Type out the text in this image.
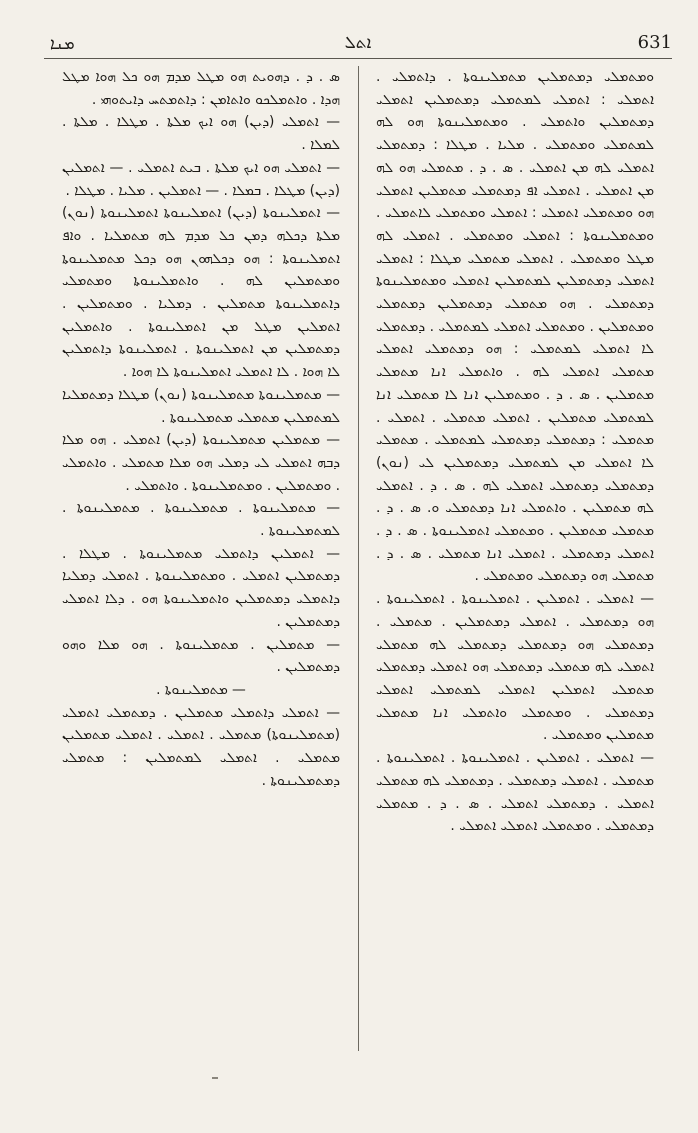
ܡܢܐ	ܐܬܠ	631

ܣ . ܕ . ܕܗܘܝܬ ܗܘ ܡܛܠ ܡܕܡ ܗܘ ܟܠ ܗܘܐ ܡܛܠ ܗܕܐ . ܘܐܬܡܠܟܘ ܘܐܬܐܡܢ : ܕܐܬܡܬܚ ܕܐܝܬܘܗܝ .

— ܐܬܡܠܝ (ܕܝܢ) ܗܘ ܐܝܟ ܡܠܬܐ . ܡܛܠܐ . ܡܠܬܐ . ܠܡܠܐ .

— ܐܬܡܠܝ ܗܘ ܐܝܟ ܡܠܬܐ . ܒܝܬ ܐܬܡܠܝ . — ܐܬܡܠܝܢ (ܕܝܢ) ܡܛܠܐ . ܒܡܠܐ . — ܐܬܡܠܝܢ . ܡܠܝܐ . ܡܛܠܐ .

— ܐܬܡܠܝܢܘܬܐ (ܕܝܢ) ܐܬܡܠܝܢܘܬܐ ܐܬܡܠܝܢܘܬܐ (ܢܘܢ) ܡܠܬܐ ܕܟܠܗ ܕܡܢ ܟܠ ܡܕܡ ܠܗ ܡܬܡܠܝܐ . ܘܐܦ ܐܬܡܠܝܢܘܬܐ : ܗܘ ܕܟܠܗܘܢ ܗܘ ܕܟܠ ܡܬܡܠܝܢܘܬܐ ܘܡܬܡܠܝܢ ܠܗ . ܘܐܬܡܠܝܢܘܬܐ ܘܡܬܡܠܝ ܕܐܬܡܠܝܢܘܬܐ ܡܬܡܠܝܢ . ܕܡܠܝܐ . ܘܡܬܡܠܝܢ . ܐܬܡܠܝܢ ܡܛܠ ܡܢ ܐܬܡܠܝܢܘܬܐ . ܘܐܬܡܠܝܢ ܕܡܬܡܠܝܢ ܡܢ ܐܬܡܠܝܢܘܬܐ . ܐܬܡܠܝܢܘܬܐ ܕܐܬܡܠܝܢ ܠܐ ܗܘܐ . ܠܐ ܐܬܡܠܝ ܐܬܡܠܝܢܘܬܐ ܠܐ ܗܘܐ .

— ܡܬܡܠܝܢܘܬܐ ܡܬܡܠܝܢܘܬܐ (ܢܘܢ) ܡܛܠܐ ܕܡܬܡܠܝܐ ܠܡܬܡܠܝܢ ܡܬܡܠܝ ܡܬܡܠܝܢܘܬܐ .

— ܡܬܡܠܝܢ ܡܬܡܠܝܢܘܬܐ (ܕܝܢ) ܐܬܡܠܝ . ܗܘ ܡܠܐ ܕܒܗ ܐܬܡܠܝ ܠܝ ܕܡܠܝ ܗܘ ܡܠܐ ܡܬܡܠܝ . ܘܐܬܡܠܝ . ܘܡܬܡܠܝܢ . ܘܡܬܡܠܝܢܘܬܐ . ܘܐܬܡܠܝ .

— ܡܬܡܠܝܢܘܬܐ . ܡܬܡܠܝܢܘܬܐ . ܡܬܡܠܝܢܘܬܐ . ܠܡܬܡܠܝܢܘܬܐ .

— ܐܬܡܠܝܢ ܕܐܬܡܠܝ ܡܬܡܠܝܢܘܬܐ . ܡܛܠܐ . ܕܡܬܡܠܝܢ ܐܬܡܠܝ . ܘܡܬܡܠܝܢܘܬܐ . ܐܬܡܠܝ ܕܡܠܝܐ ܕܐܬܡܠܝ ܕܡܬܡܠܝܢ ܘܐܬܡܠܝܢܘܬܐ ܗܘ . ܕܠܐ ܐܬܡܠܝ ܕܡܬܡܠܝܢ .

— ܡܬܡܠܝܢ . ܡܬܡܠܝܢܘܬܐ . ܗܘ ܡܠܐ ܘܗܘ ܕܡܬܡܠܝܢ .

— ܡܬܡܠܝܢܘܬܐ .

— ܐܬܡܠܝ ܕܐܬܡܠܝ ܡܬܡܠܝܢ . ܕܡܬܡܠܝ ܐܬܡܠܝ (ܡܬܡܠܝܢܘܬܐ) ܡܬܡܠܝ . ܐܬܡܠܝ . ܐܬܡܠܝ ܡܬܡܠܝܢ ܡܬܡܠܝ . ܐܬܡܠܝ ܠܡܬܡܠܝܢ : ܡܬܡܠܝ ܕܡܬܡܠܝܢܘܬܐ .

ܘܡܬܡܠܝ ܕܡܬܡܠܝܢ ܡܬܡܠܝܢܘܬܐ . ܕܐܬܡܠܝ . ܐܬܡܠܝ : ܐܬܡܠܝ ܠܡܬܡܠܝ ܕܡܬܡܠܝܢ ܐܬܡܠܝ ܕܡܬܡܠܝܢ ܘܐܬܡܠܝ . ܘܡܬܡܠܝܢܘܬܐ ܗܘ ܠܗ ܠܡܬܡܠܝ ܘܡܬܡܠܝ . ܡܠܝܐ . ܡܛܠܐ : ܕܡܬܡܠܝ ܐܬܡܠܝ ܠܗ ܡܢ ܐܬܡܠܝ . ܣ . ܕ . ܡܬܡܠܝ ܗܘ ܠܗ ܡܢ ܐܬܡܠܝ . ܐܬܡܠܝ ܐܦ ܕܡܬܡܠܝ ܡܬܡܠܝܢ ܐܬܡܠܝ ܗܘ ܘܡܬܡܠܝ ܐܬܡܠܝ : ܐܬܡܠܝ ܘܡܬܡܠܝ ܠܐܬܡܠܝ . ܘܡܬܡܠܝܢܘܬܐ : ܐܬܡܠܝ ܘܡܬܡܠܝ . ܐܬܡܠܝ ܠܗ ܡܛܠ ܘܡܬܡܠܝ . ܐܬܡܠܝ ܡܬܡܠܝ ܡܛܠܐ : ܐܬܡܠܝ ܐܬܡܠܝ ܕܡܬܡܠܝܢ ܠܡܬܡܠܝܢ ܐܬܡܠܝ ܘܡܬܡܠܝܢܘܬܐ ܕܡܬܡܠܝ . ܗܘ ܡܬܡܠܝ ܕܡܬܡܠܝܢ ܕܡܬܡܠܝ ܘܡܬܡܠܝܢ . ܘܡܬܡܠܝ ܐܬܡܠܝ ܠܡܬܡܠܝ . ܕܡܬܡܠܝ ܠܐ ܐܬܡܠܝ ܠܡܬܡܠܝ : ܗܘ ܕܡܬܡܠܝ ܐܬܡܠܝ ܡܬܡܠܝ ܐܬܡܠܝ ܠܗ . ܘܐܬܡܠܝ ܐܢܐ ܡܬܡܠܝ ܡܬܡܠܝܢ . ܣ . ܕ . ܘܡܬܡܠܝܢ ܐܢܐ ܠܐ ܡܬܡܠܝ ܐܢܐ ܠܡܬܡܠܝ ܡܬܡܠܝܢ . ܐܬܡܠܝ ܡܬܡܠܝ . ܐܬܡܠܝ . ܡܬܡܠܝ : ܕܡܬܡܠܝ ܕܡܬܡܠܝ ܠܡܬܡܠܝ . ܡܬܡܠܝ ܠܐ ܐܬܡܠܝ ܡܢ ܠܡܬܡܠܝ ܕܡܬܡܠܝܢ ܠܝ (ܢܘܢ) ܕܡܬܡܠܝ ܕܡܬܡܠܝ ܐܬܡܠܝ ܠܗ . ܣ . ܕ . ܐܬܡܠܝ ܠܗ ܡܬܡܠܝܢ . ܘܐܬܡܠܝ ܐܢܐ ܕܡܬܡܠܝ ܘ. ܣ . ܕ . ܡܬܡܠܝ ܡܬܡܠܝܢ . ܘܡܬܡܠܝ ܐܬܡܠܝܢܘܬܐ . ܣ . ܕ . ܐܬܡܠܝ ܕܡܬܡܠܝ . ܐܬܡܠܝ ܐܢܐ ܡܬܡܠܝ . ܣ . ܕ . ܡܬܡܠܝ ܗܘ ܕܡܬܡܠܝ ܘܡܬܡܠܝ .

— ܐܬܡܠܝ . ܐܬܡܠܝܢ . ܐܬܡܠܝܢܘܬܐ . ܐܬܡܠܝܢܘܬܐ . ܗܘ ܕܡܬܡܠܝ . ܐܬܡܠܝ ܕܡܬܡܠܝܢ . ܡܬܡܠܝ . ܕܡܬܡܠܝ ܗܘ ܕܡܬܡܠܝ ܕܡܬܡܠܝ ܠܗ ܡܬܡܠܝ ܐܬܡܠܝ ܠܗ ܡܬܡܠܝ ܕܡܬܡܠܝ ܗܘ ܐܬܡܠܝ ܕܡܬܡܠܝ ܡܬܡܠܝ ܐܬܡܠܝܢ ܐܬܡܠܝ ܠܡܬܡܠܝ ܐܬܡܠܝ ܕܡܬܡܠܝ . ܘܡܬܡܠܝ ܘܐܬܡܠܝ ܐܢܐ ܡܬܡܠܝ ܡܬܡܠܝܢ ܘܡܬܡܠܝ .

— ܐܬܡܠܝ . ܐܬܡܠܝܢ . ܐܬܡܠܝܢܘܬܐ . ܐܬܡܠܝܢܘܬܐ . ܡܬܡܠܝ . ܐܬܡܠܝ ܕܡܬܡܠܝ . ܕܡܬܡܠܝ ܠܗ ܡܬܡܠܝ ܐܬܡܠܝ . ܕܡܬܡܠܝ ܐܬܡܠܝ . ܣ . ܕ . ܡܬܡܠܝ ܕܡܬܡܠܝ . ܘܡܬܡܠܝ ܐܬܡܠܝ ܐܬܡܠܝ .
